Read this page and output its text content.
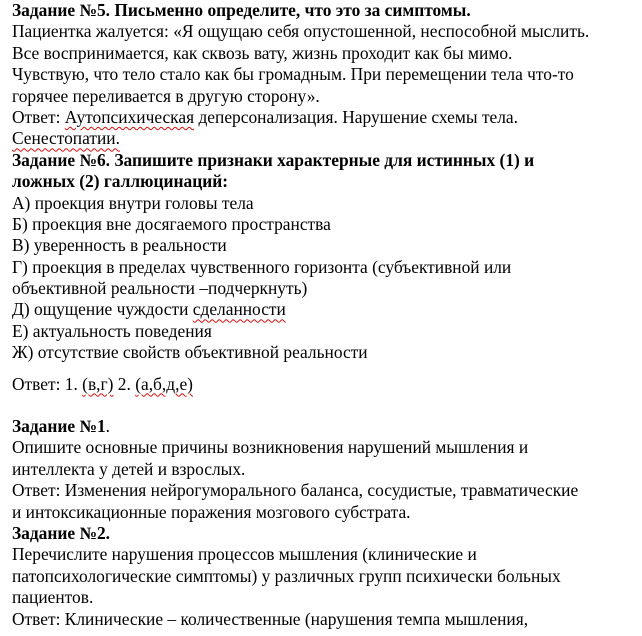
Задание №5. Письменно определите, что это за симптомы.
Пациентка жалуется: «Я ощущаю себя опустошенной, неспособной мыслить.
Все воспринимается, как сквозь вату, жизнь проходит как бы мимо.
Чувствую, что тело стало как бы громадным. При перемещении тела что-то
горячее переливается в другую сторону».
Ответ: Аутопсихическая деперсонализация. Нарушение схемы тела.
Сенестопатии.
Задание №6. Запишите признаки характерные для истинных (1) и
ложных (2) галлюцинаций:
А) проекция внутри головы тела
Б) проекция вне досягаемого пространства
В) уверенность в реальности
Г) проекция в пределах чувственного горизонта (субъективной или
объективной реальности –подчеркнуть)
Д) ощущение чуждости сделанности
Е) актуальность поведения
Ж) отсутствие свойств объективной реальности
Ответ: 1. (в,г) 2. (а,б,д,е)
Задание №1.
Опишите основные причины возникновения нарушений мышления и
интеллекта у детей и взрослых.
Ответ: Изменения нейрогуморального баланса, сосудистые, травматические
и интоксикационные поражения мозгового субстрата.
Задание №2.
Перечислите нарушения процессов мышления (клинические и
патопсихологические симптомы) у различных групп психически больных
пациентов.
Ответ: Клинические – количественные (нарушения темпа мышления,
